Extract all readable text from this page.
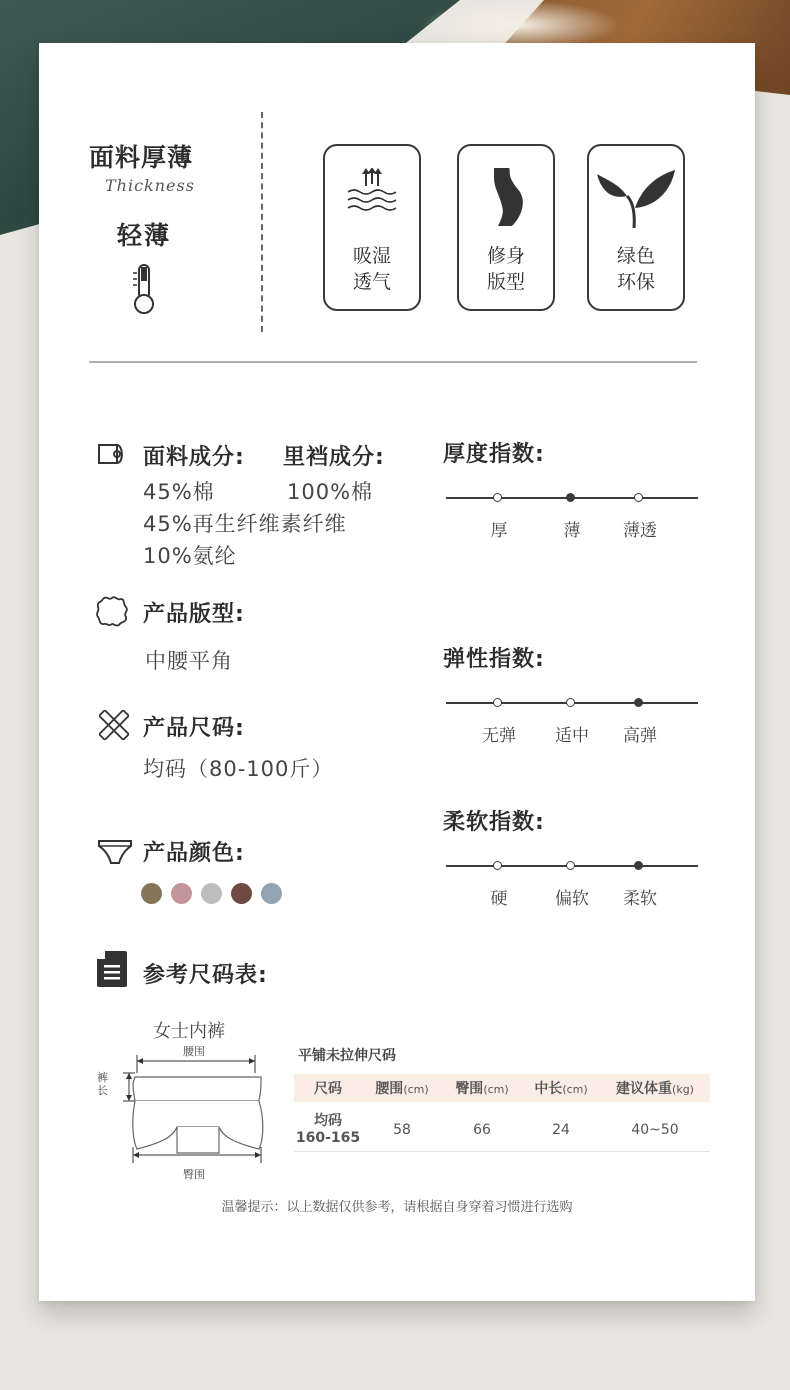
面料厚薄
Thickness
轻薄
吸湿
透气
修身
版型
绿色
环保
面料成分: 里裆成分:
45%棉	100%棉
45%再生纤维素纤维
10%氨纶
产品版型:
中腰平角
产品尺码:
均码（80-100斤）
产品颜色:
厚度指数:
厚	薄	薄透
弹性指数:
无弹	适中	高弹
柔软指数:
硬	偏软	柔软
参考尺码表:
女士内裤
腰围
裤
长
臀围
平铺未拉伸尺码
尺码	腰围(cm)	臀围(cm)	中长(cm)	建议体重(kg)
均码
160-165	58	66	24	40~50
温馨提示：以上数据仅供参考，请根据自身穿着习惯进行选购
